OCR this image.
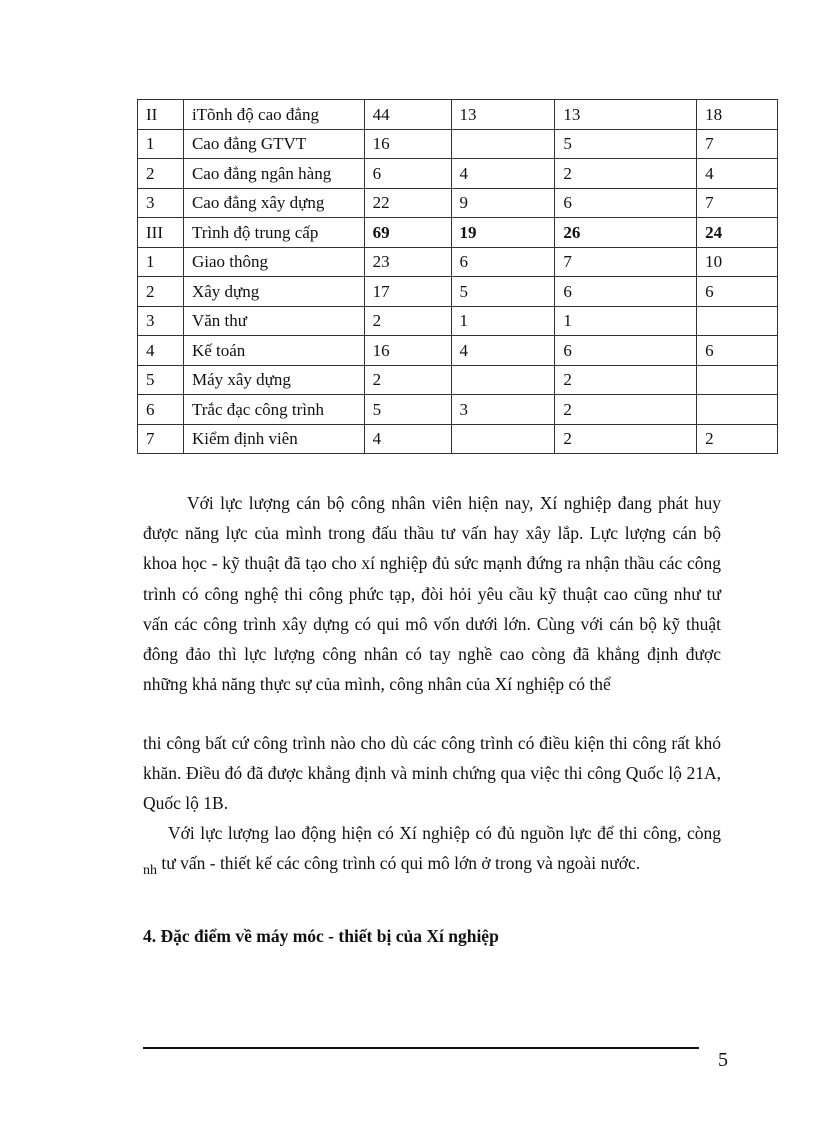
II	iTõnh độ cao đẳng	44	13	13	18
1	Cao đẳng GTVT	16		5	7
2	Cao đẳng ngân hàng	6	4	2	4
3	Cao đẳng xây dựng	22	9	6	7
III	Trình độ trung cấp	69	19	26	24
1	Giao thông	23	6	7	10
2	Xây dựng	17	5	6	6
3	Văn thư	2	1	1	
4	Kế toán	16	4	6	6
5	Máy xây dựng	2		2	
6	Trắc đạc công trình	5	3	2	
7	Kiểm định viên	4		2	2

Với lực lượng cán bộ công nhân viên hiện nay, Xí nghiệp đang phát huy được năng lực của mình trong đấu thầu tư vấn hay xây lắp. Lực lượng cán bộ khoa học - kỹ thuật đã tạo cho xí nghiệp đủ sức mạnh đứng ra nhận thầu các công trình có công nghệ thi công phức tạp, đòi hỏi yêu cầu kỹ thuật cao cũng như tư vấn các công trình xây dựng có qui mô vốn dưới lớn. Cùng với cán bộ kỹ thuật đông đảo thì lực lượng công nhân có tay nghề cao còng đã khẳng định được những khả năng thực sự của mình, công nhân của Xí nghiệp có thể

thi công bất cứ công trình nào cho dù các công trình có điều kiện thi công rất khó khăn. Điều đó đã được khẳng định và minh chứng qua việc thi công Quốc lộ 21A, Quốc lộ 1B.

Với lực lượng lao động hiện có Xí nghiệp có đủ nguồn lực để thi công, còng $_{nh}$ tư vấn - thiết kế các công trình có qui mô lớn ở trong và ngoài nước.

4. Đặc điểm về máy móc - thiết bị của Xí nghiệp

5
